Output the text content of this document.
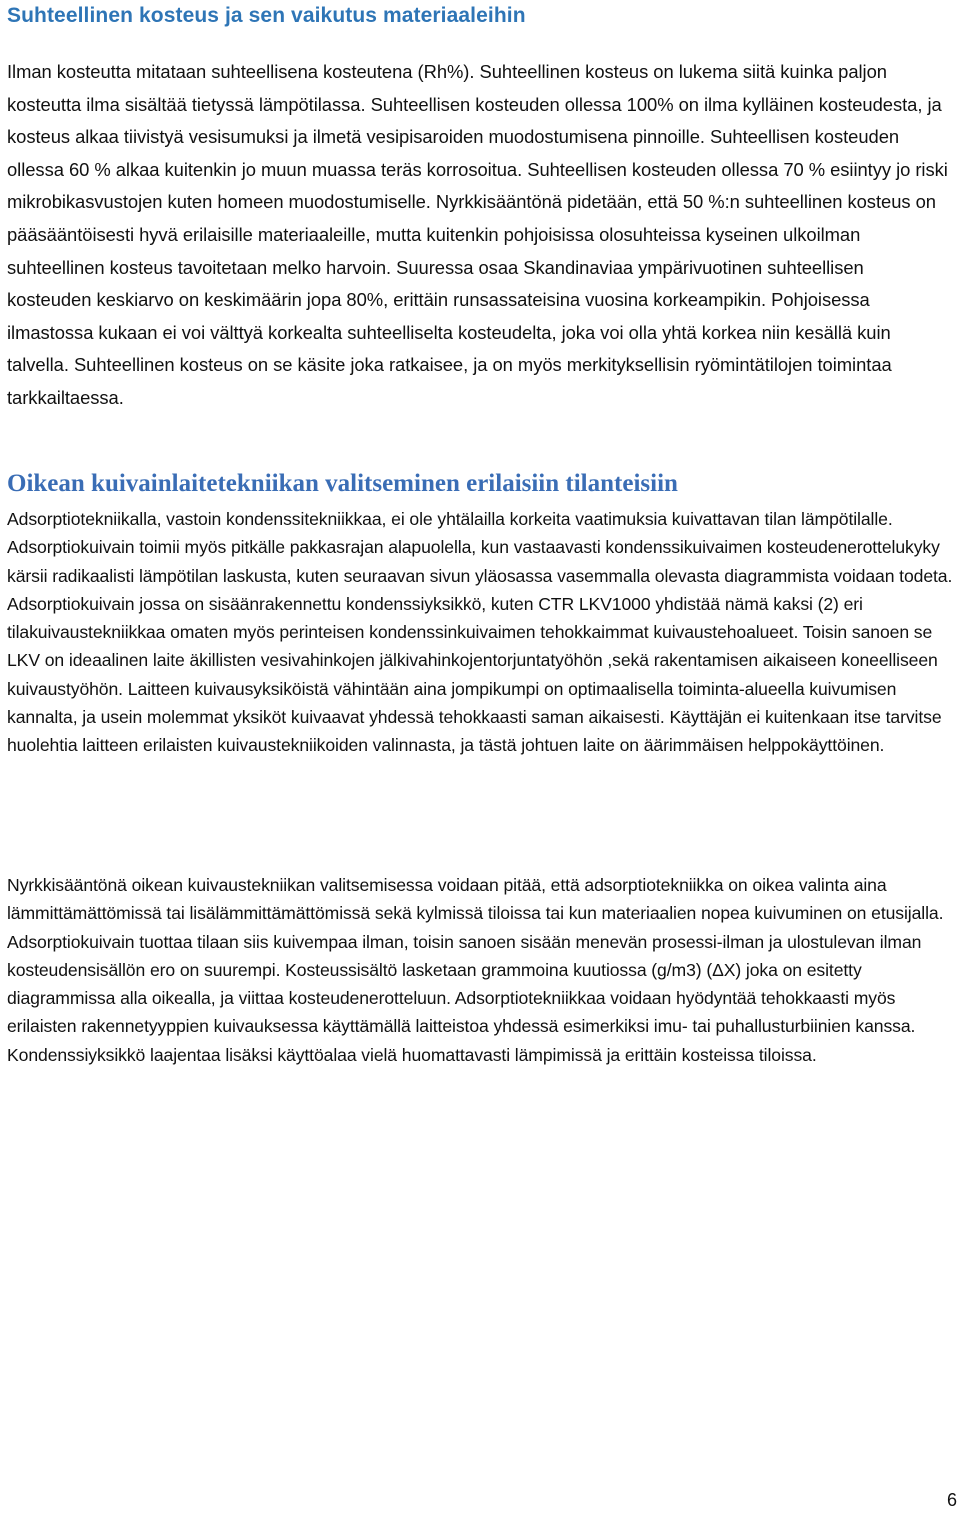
Suhteellinen kosteus ja sen vaikutus materiaaleihin

Ilman kosteutta mitataan suhteellisena kosteutena (Rh%). Suhteellinen kosteus on lukema siitä kuinka paljon kosteutta ilma sisältää tietyssä lämpötilassa. Suhteellisen kosteuden ollessa 100% on ilma kylläinen kosteudesta, ja kosteus alkaa tiivistyä vesisumuksi ja ilmetä vesipisaroiden muodostumisena pinnoille. Suhteellisen kosteuden ollessa 60 % alkaa kuitenkin jo muun muassa teräs korrosoitua. Suhteellisen kosteuden ollessa 70 % esiintyy jo riski mikrobikasvustojen kuten homeen muodostumiselle. Nyrkkisääntönä pidetään, että 50 %:n suhteellinen kosteus on pääsääntöisesti hyvä erilaisille materiaaleille, mutta kuitenkin pohjoisissa olosuhteissa kyseinen ulkoilman suhteellinen kosteus tavoitetaan melko harvoin. Suuressa osaa Skandinaviaa ympärivuotinen suhteellisen kosteuden keskiarvo on keskimäärin jopa 80%, erittäin runsassateisina vuosina korkeampikin. Pohjoisessa ilmastossa kukaan ei voi välttyä korkealta suhteelliselta kosteudelta, joka voi olla yhtä korkea niin kesällä kuin talvella. Suhteellinen kosteus on se käsite joka ratkaisee, ja on myös merkityksellisin ryömintätilojen toimintaa tarkkailtaessa.

Oikean kuivainlaitetekniikan valitseminen erilaisiin tilanteisiin

Adsorptiotekniikalla, vastoin kondenssitekniikkaa, ei ole yhtälailla korkeita vaatimuksia kuivattavan tilan lämpötilalle. Adsorptiokuivain toimii myös pitkälle pakkasrajan alapuolella, kun vastaavasti kondenssikuivaimen kosteudenerottelukyky kärsii radikaalisti lämpötilan laskusta, kuten seuraavan sivun yläosassa vasemmalla olevasta diagrammista voidaan todeta. Adsorptiokuivain jossa on sisäänrakennettu kondenssiyksikkö, kuten CTR LKV1000 yhdistää nämä kaksi (2) eri tilakuivaustekniikkaa omaten myös perinteisen kondenssinkuivaimen tehokkaimmat kuivaustehoalueet. Toisin sanoen se LKV on ideaalinen laite äkillisten vesivahinkojen jälkivahinkojentorjuntatyöhön ,sekä rakentamisen aikaiseen koneelliseen kuivaustyöhön. Laitteen kuivausyksiköistä vähintään aina jompikumpi on optimaalisella toiminta-alueella kuivumisen kannalta, ja usein molemmat yksiköt kuivaavat yhdessä tehokkaasti saman aikaisesti. Käyttäjän ei kuitenkaan itse tarvitse huolehtia laitteen erilaisten kuivaustekniikoiden valinnasta, ja tästä johtuen laite on äärimmäisen helppokäyttöinen.

Nyrkkisääntönä oikean kuivaustekniikan valitsemisessa voidaan pitää, että adsorptiotekniikka on oikea valinta aina lämmittämättömissä tai lisälämmittämättömissä sekä kylmissä tiloissa tai kun materiaalien nopea kuivuminen on etusijalla. Adsorptiokuivain tuottaa tilaan siis kuivempaa ilman, toisin sanoen sisään menevän prosessi-ilman ja ulostulevan ilman kosteudensisällön ero on suurempi. Kosteussisältö lasketaan grammoina kuutiossa (g/m3) (ΔX) joka on esitetty diagrammissa alla oikealla, ja viittaa kosteudenerotteluun. Adsorptiotekniikkaa voidaan hyödyntää tehokkaasti myös erilaisten rakennetyyppien kuivauksessa käyttämällä laitteistoa yhdessä esimerkiksi imu- tai puhallusturbiinien kanssa. Kondenssiyksikkö laajentaa lisäksi käyttöalaa vielä huomattavasti lämpimissä ja erittäin kosteissa tiloissa.

6
